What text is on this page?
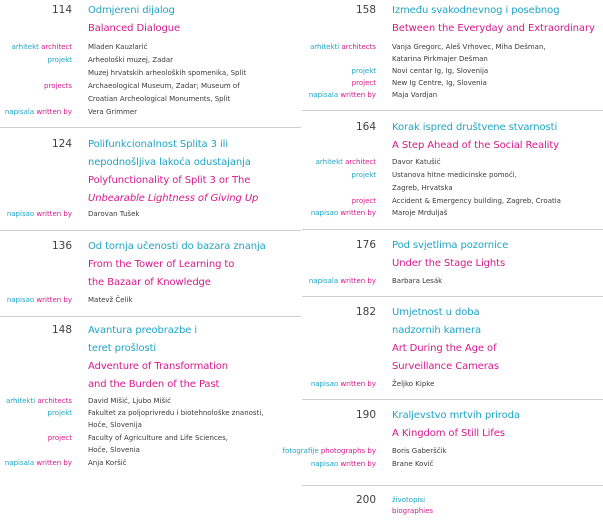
114 Odmjereni dijalog
Balanced Dialogue
arhitekt architect Mladen Kauzlarić
projekt Arheološki muzej, Zadar
Muzej hrvatskih arheoloških spomenika, Split
projects Archaeological Museum, Zadar; Museum of
Croatian Archeological Monuments, Split
napisala written by Vera Grimmer
124 Polifunkcionalnost Splita 3 ili
nepodnošljiva lakoća odustajanja
Polyfunctionality of Split 3 or The
Unbearable Lightness of Giving Up
napisao written by Darovan Tušek
136 Od tornja učenosti do bazara znanja
From the Tower of Learning to
the Bazaar of Knowledge
napisao written by Matevž Čelik
148 Avantura preobrazbe i
teret prošlosti
Adventure of Transformation
and the Burden of the Past
arhitekti architects David Mišić, Ljubo Mišić
projekt Fakultet za poljoprivredu i biotehnološke znanosti,
Hoče, Slovenija
project Faculty of Agriculture and Life Sciences,
Hoče, Slovenia
napisala written by Anja Koršič
158 Između svakodnevnog i posebnog
Between the Everyday and Extraordinary
arhitekti architects Vanja Gregorc, Aleš Vrhovec, Miha Dešman,
Katarina Pirkmajer Dešman
projekt Novi centar Ig, Ig, Slovenija
project New Ig Centre, Ig, Slovenia
napisala written by Maja Vardjan
164 Korak ispred društvene stvarnosti
A Step Ahead of the Social Reality
arhitekt architect Davor Katušić
projekt Ustanova hitne medicinske pomoći,
Zagreb, Hrvatska
project Accident & Emergency building, Zagreb, Croatia
napisao written by Maroje Mrduljaš
176 Pod svjetlima pozornice
Under the Stage Lights
napisala written by Barbara Lesák
182 Umjetnost u doba
nadzornih kamera
Art During the Age of
Surveillance Cameras
napisao written by Željko Kipke
190 Kraljevstvo mrtvih priroda
A Kingdom of Still Lifes
fotografije photographs by Boris Gaberščik
napisao written by Brane Kovič
200 životopisi
biographies
